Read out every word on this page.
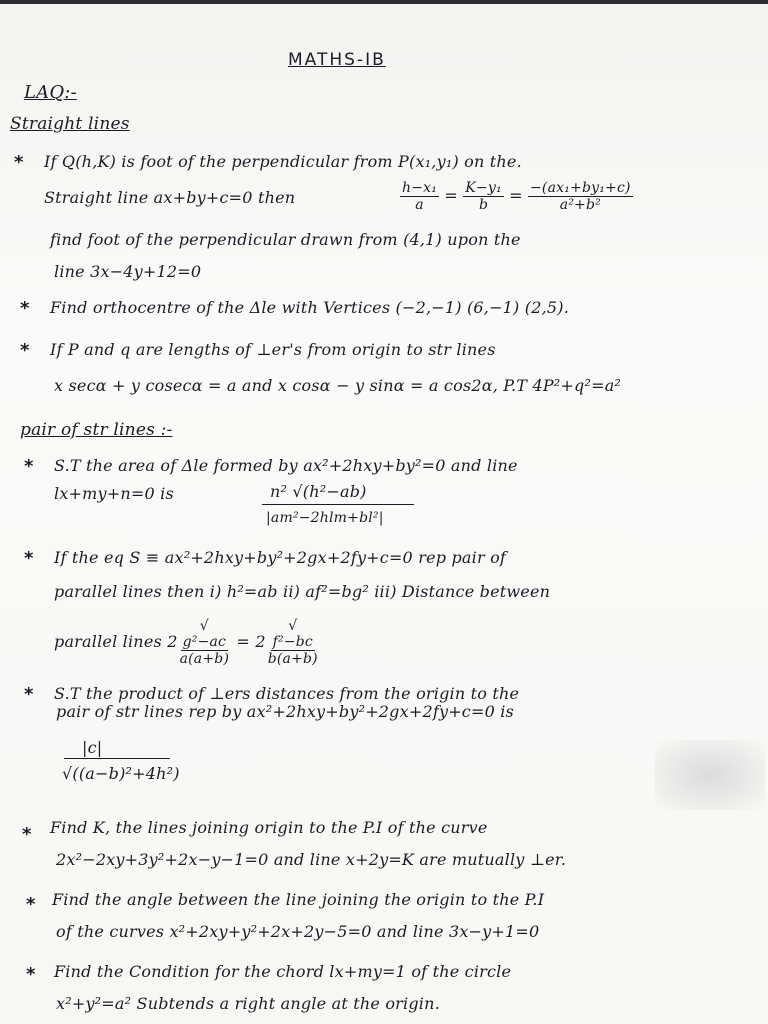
MATHS-IB
LAQ:-
Straight lines
* If Q(h,K) is foot of the perpendicular from P(x₁,y₁) on the.
Straight line ax+by+c=0 then	$\frac{\text{h−x₁}}{a} = \frac{\text{K−y₁}}{b} = \frac{\text{−(ax₁+by₁+c)}}{\text{a²+b²}}$
find foot of the perpendicular drawn from (4,1) upon the
line 3x−4y+12=0
* Find orthocentre of the Δle with Vertices (−2,−1) (6,−1) (2,5).
* If P and q are lengths of ⊥er's from origin to str lines
x secα + y cosecα = a and x cosα − y sinα = a cos2α, P.T 4P²+q²=a²
pair of str lines :-
* S.T the area of Δle formed by ax²+2hxy+by²=0 and line
lx+my+n=0 is	n² √(h²−ab)
|am²−2hlm+bl²|
* If the eq S ≡ ax²+2hxy+by²+2gx+2fy+c=0 rep pair of
parallel lines then i) h²=ab ii) af²=bg² iii) Distance between
parallel lines 2√
g²−ac
a(a+b)
= 2√
f²−bc
b(a+b)
* S.T the product of ⊥ers distances from the origin to the
pair of str lines rep by ax²+2hxy+by²+2gx+2fy+c=0 is
|c|
√((a−b)²+4h²)
* Find K, the lines joining origin to the P.I of the curve
2x²−2xy+3y²+2x−y−1=0 and line x+2y=K are mutually ⊥er.
* Find the angle between the line joining the origin to the P.I
of the curves x²+2xy+y²+2x+2y−5=0 and line 3x−y+1=0
* Find the Condition for the chord lx+my=1 of the circle
x²+y²=a² Subtends a right angle at the origin.
